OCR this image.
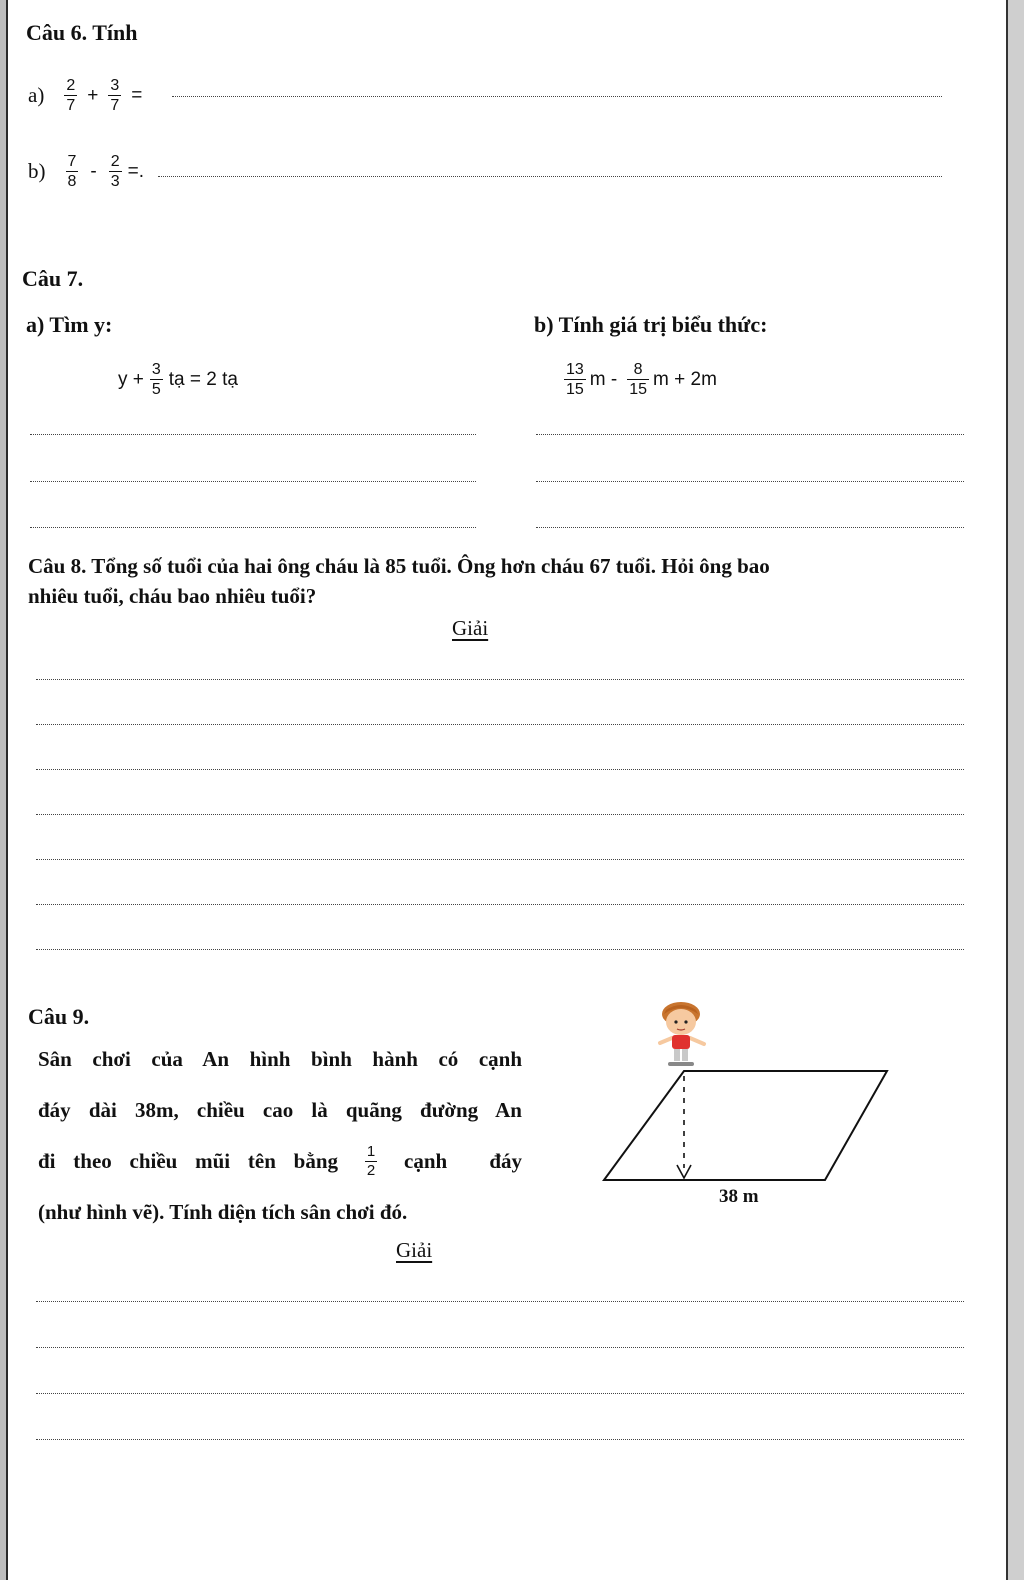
Câu 6. Tính
$a) \frac{2}{7} + \frac{3}{7}$ =
$b) \frac{7}{8} - \frac{2}{3}$ =.
Câu 7.
a) Tìm y:	b) Tính giá trị biểu thức:
$y + \frac{3}{5}$ tạ = 2 tạ	$\frac{13}{15}$ m - $\frac{8}{15}$ m + 2m
Câu 8. Tổng số tuổi của hai ông cháu là 85 tuổi. Ông hơn cháu 67 tuổi. Hỏi ông bao
nhiêu tuổi, cháu bao nhiêu tuổi?
Giải
Câu 9.
Sân chơi của An hình bình hành có cạnh
đáy dài 38m, chiều cao là quãng đường An
đi theo chiều mũi tên bằng $\frac{1}{2}$ cạnh đáy
(như hình vẽ). Tính diện tích sân chơi đó.
38 m
Giải
